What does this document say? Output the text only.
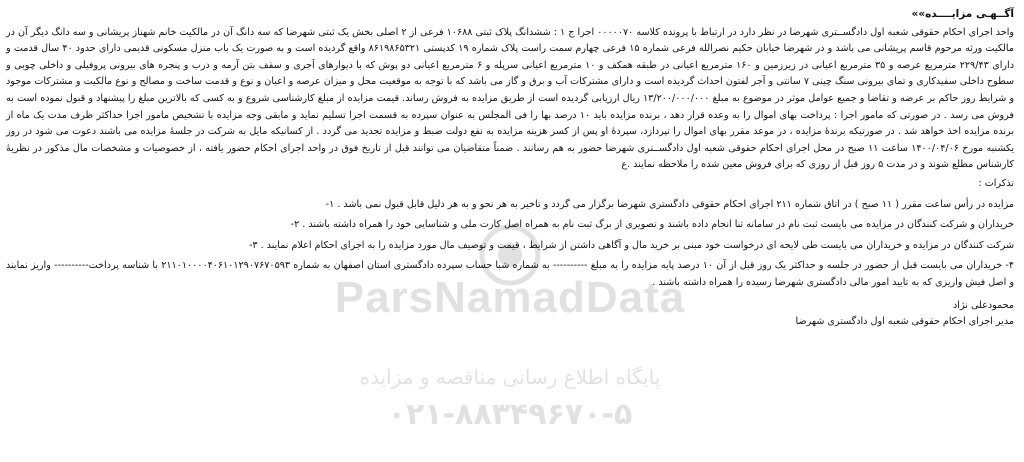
ParsNamadData
پایگاه اطلاع رسانی مناقصه و مزایده
۰۲۱-۸۸۳۴۹۶۷۰-۵

آگــهـی مزایــــده»»

واحد اجرای احکام حقوقی شعبه اول دادگســتری شهرضا در نظر دارد در ارتباط با پرونده کلاسه ۰۰۰۰۰۷۰ اجرا ج ۱ : ششدانگ پلاک ثبتی ۱۰۶۸۸ فرعی از ۲ اصلی بخش یک ثبتی شهرضا که سه دانگ آن در مالکیت خانم شهناز پریشانی و سه دانگ دیگر آن در مالکیت ورثه مرحوم قاسم پریشانی می باشد و در شهرضا خیابان حکیم نصرالله فرعی شماره ۱۵ فرعی چهارم سمت راست پلاک شماره ۱۹ کدپستی ۸۶۱۹۸۶۵۳۲۱ واقع گردیده است و به صورت یک باب منزل مسکونی قدیمی دارای حدود ۴۰ سال قدمت و دارای ۲۲۹/۴۳ مترمربع عرصه و ۳۵ مترمربع اعیانی در زیرزمین و ۱۶۰ مترمربع اعیانی در طبقه همکف و ۱۰ مترمربع اعیانی سرپله و ۶ مترمربع اعیانی دو پوش که با دیوارهای آجری و سقف بتن آرمه و درب و پنجره های بیرونی پروفیلی و داخلی چوبی و سطوح داخلی سفیدکاری و تمای بیرونی سنگ چینی ۷ سانتی و آجر لفتون احداث گردیده است و دارای مشترکات آب و برق و گاز می باشد که با توجه به موقعیت محل و میزان عرصه و اعیان و نوع و قدمت ساخت و مصالح و نوع مالکیت و مشترکات موجود و شرایط روز حاکم بر عرضه و تقاضا و جمیع عوامل موثر در موضوع به مبلغ ۱۳/۲۰۰/۰۰۰/۰۰۰ ریال ارزیابی گردیده است از طریق مزایده به فروش رساند. قیمت مزایده از مبلغ کارشناسی شروع و به کسی که بالاترین مبلغ را پیشنهاد و قبول نموده است به فروش می رسد . در صورتی که مامور اجرا : پرداخت بهای اموال را به وعده قرار دهد ، برنده مزایده باید ۱۰ درصد بها را فی المجلس به عنوان سپرده به قسمت اجرا تسلیم نماید و مابقی وجه مزایده با تشخیص مامور اجرا حداکثر ظرف مدت یک ماه از برنده مزایده اخذ خواهد شد . در صورتیکه برندهٔ مزایده ، در موعد مقرر بهای اموال را تپردازد، سپردهٔ او پس از کسر هزینه مزایده به نفع دولت ضبط و مزایده تجدید می گردد . از کسانیکه مایل به شرکت در جلسهٔ مزایده می باشند دعوت می شود در روز یکشنبه مورخ ۱۴۰۰/۰۴/۰۶ ساعت ۱۱ صبح در محل اجرای احکام حقوقی شعبه اول دادگســتری شهرضا حضور به هم رسانند . ضمناً متقاضیان می توانند قبل از تاریخ فوق در واحد اجرای احکام حضور یافته ، از خصوصیات و مشخصات مال مذکور در نظریهٔ کارشناس مطلع شوند و در مدت ۵ روز قبل از روزی که برای فروش معین شده را ملاحظه نمایند .ع

تذکرات :

مزایده در رأس ساعت مقرر ( ۱۱ صبح ) در اتاق شماره ۲۱۱ اجرای احکام حقوقی دادگستری شهرضا برگزار می گردد و تاخیر به هر نحو و به هر دلیل قابل قبول نمی باشد . ۱-

خریداران و شرکت کنندگان در مزایده می بایست ثبت نام در سامانه ثنا انجام داده باشند و تصویری از برگ ثبت نام به همراه اصل کارت ملی و شناسایی خود را همراه داشته باشند . ۲-

شرکت کنندگان در مزایده و خریداران می بایست طی لایحه ای درخواست خود مبنی بر خرید مال و آگاهی داشتن از شرایط ، قیمت و توصیف مال مورد مزایده را به اجرای احکام اعلام نمایند . ۳-

۴- خریداران می بایست قبل از حضور در جلسه و حداکثر یک روز قبل از آن ۱۰ درصد پایه مزایده را به مبلغ ---------- به شماره شبا حساب سپرده دادگستری استان اصفهان به شماره ۲۱۱۰۱۰۰۰۰۴۰۶۱۰۱۲۹۰۷۶۷۰۵۹۳ با شناسه پرداخت---------- واریز نمایند و اصل فیش واریزی که به تایید امور مالی دادگستری شهرضا رسیده را همراه داشته باشند .

محمودعلی نژاد

مدیر اجرای احکام حقوقی شعبه اول دادگستری شهرضا
